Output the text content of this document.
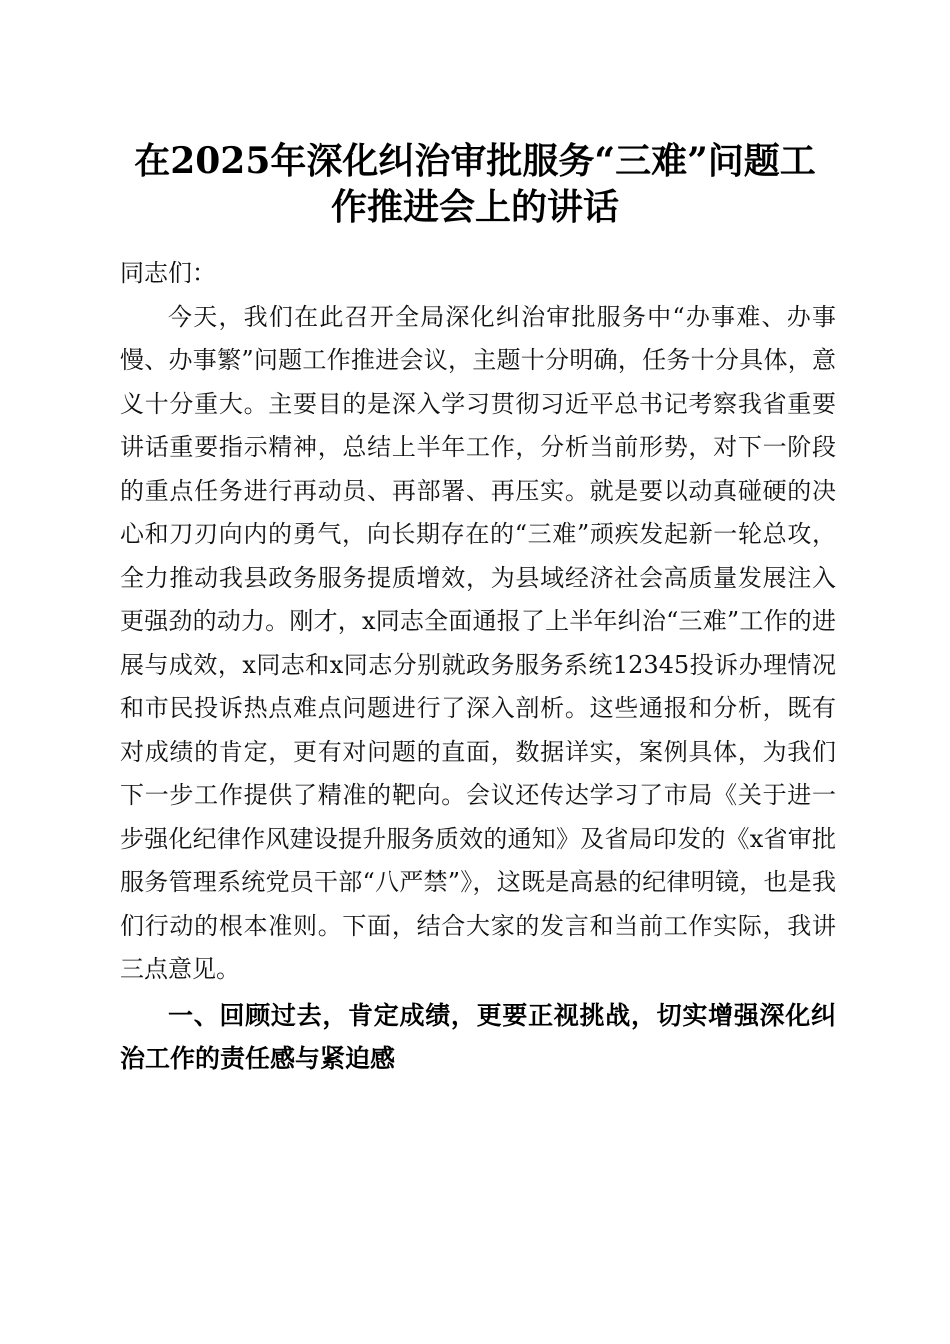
在2025年深化纠治审批服务“三难”问题工作推进会上的讲话

同志们：

今天，我们在此召开全局深化纠治审批服务中“办事难、办事慢、办事繁”问题工作推进会议，主题十分明确，任务十分具体，意义十分重大。主要目的是深入学习贯彻习近平总书记考察我省重要讲话重要指示精神，总结上半年工作，分析当前形势，对下一阶段的重点任务进行再动员、再部署、再压实。就是要以动真碰硬的决心和刀刃向内的勇气，向长期存在的“三难”顽疾发起新一轮总攻，全力推动我县政务服务提质增效，为县域经济社会高质量发展注入更强劲的动力。刚才，x同志全面通报了上半年纠治“三难”工作的进展与成效，x同志和x同志分别就政务服务系统12345投诉办理情况和市民投诉热点难点问题进行了深入剖析。这些通报和分析，既有对成绩的肯定，更有对问题的直面，数据详实，案例具体，为我们下一步工作提供了精准的靶向。会议还传达学习了市局《关于进一步强化纪律作风建设提升服务质效的通知》及省局印发的《x省审批服务管理系统党员干部“八严禁”》，这既是高悬的纪律明镜，也是我们行动的根本准则。下面，结合大家的发言和当前工作实际，我讲三点意见。

一、回顾过去，肯定成绩，更要正视挑战，切实增强深化纠治工作的责任感与紧迫感
